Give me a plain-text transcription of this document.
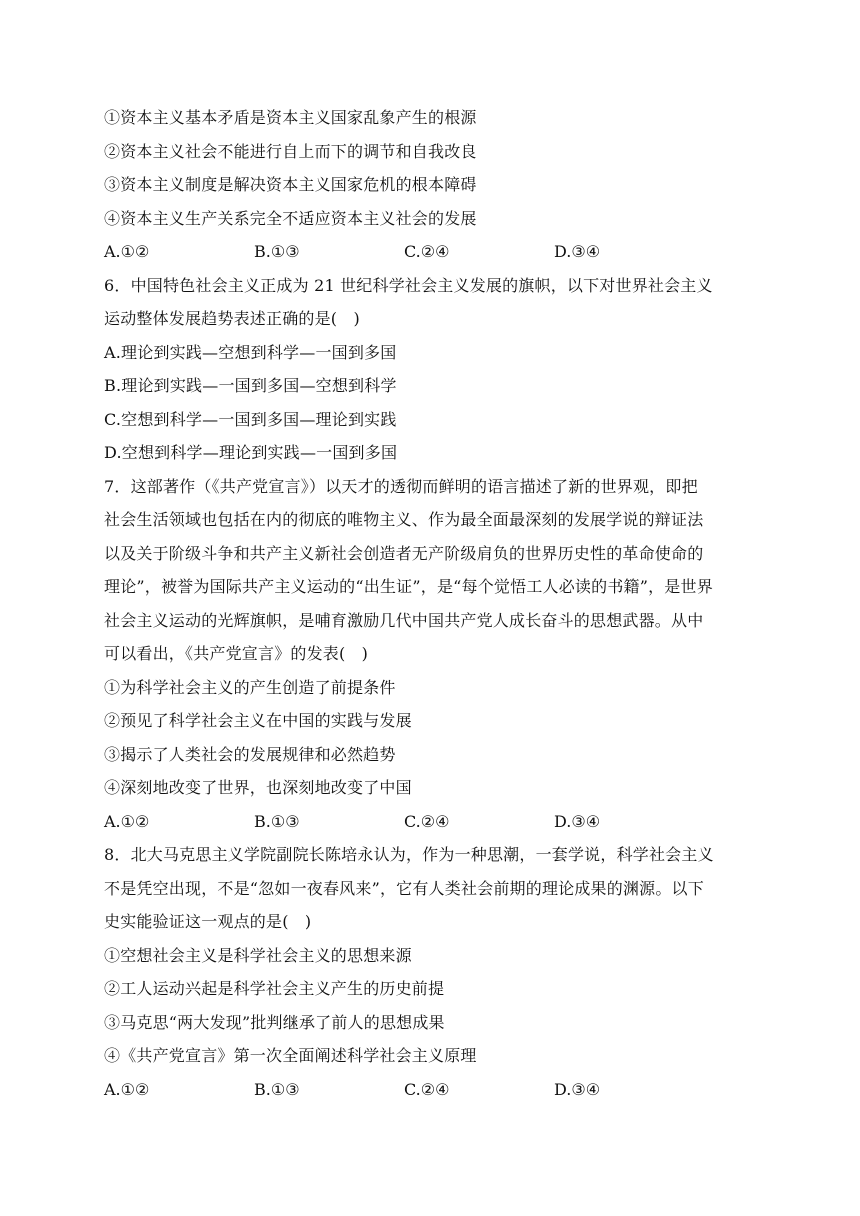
①资本主义基本矛盾是资本主义国家乱象产生的根源
②资本主义社会不能进行自上而下的调节和自我改良
③资本主义制度是解决资本主义国家危机的根本障碍
④资本主义生产关系完全不适应资本主义社会的发展
A.①②	B.①③	C.②④	D.③④
6．中国特色社会主义正成为 21 世纪科学社会主义发展的旗帜，以下对世界社会主义
运动整体发展趋势表述正确的是(　)
A.理论到实践—空想到科学—一国到多国
B.理论到实践—一国到多国—空想到科学
C.空想到科学—一国到多国—理论到实践
D.空想到科学—理论到实践—一国到多国
7．这部著作（《共产党宣言》）以天才的透彻而鲜明的语言描述了新的世界观，即把
社会生活领域也包括在内的彻底的唯物主义、作为最全面最深刻的发展学说的辩证法
以及关于阶级斗争和共产主义新社会创造者无产阶级肩负的世界历史性的革命使命的
理论”，被誉为国际共产主义运动的“出生证”，是“每个觉悟工人必读的书籍”，是世界
社会主义运动的光辉旗帜，是哺育激励几代中国共产党人成长奋斗的思想武器。从中
可以看出，《共产党宣言》的发表(　)
①为科学社会主义的产生创造了前提条件
②预见了科学社会主义在中国的实践与发展
③揭示了人类社会的发展规律和必然趋势
④深刻地改变了世界，也深刻地改变了中国
A.①②	B.①③	C.②④	D.③④
8．北大马克思主义学院副院长陈培永认为，作为一种思潮，一套学说，科学社会主义
不是凭空出现，不是“忽如一夜春风来”，它有人类社会前期的理论成果的渊源。以下
史实能验证这一观点的是(　)
①空想社会主义是科学社会主义的思想来源
②工人运动兴起是科学社会主义产生的历史前提
③马克思“两大发现”批判继承了前人的思想成果
④《共产党宣言》第一次全面阐述科学社会主义原理
A.①②	B.①③	C.②④	D.③④
